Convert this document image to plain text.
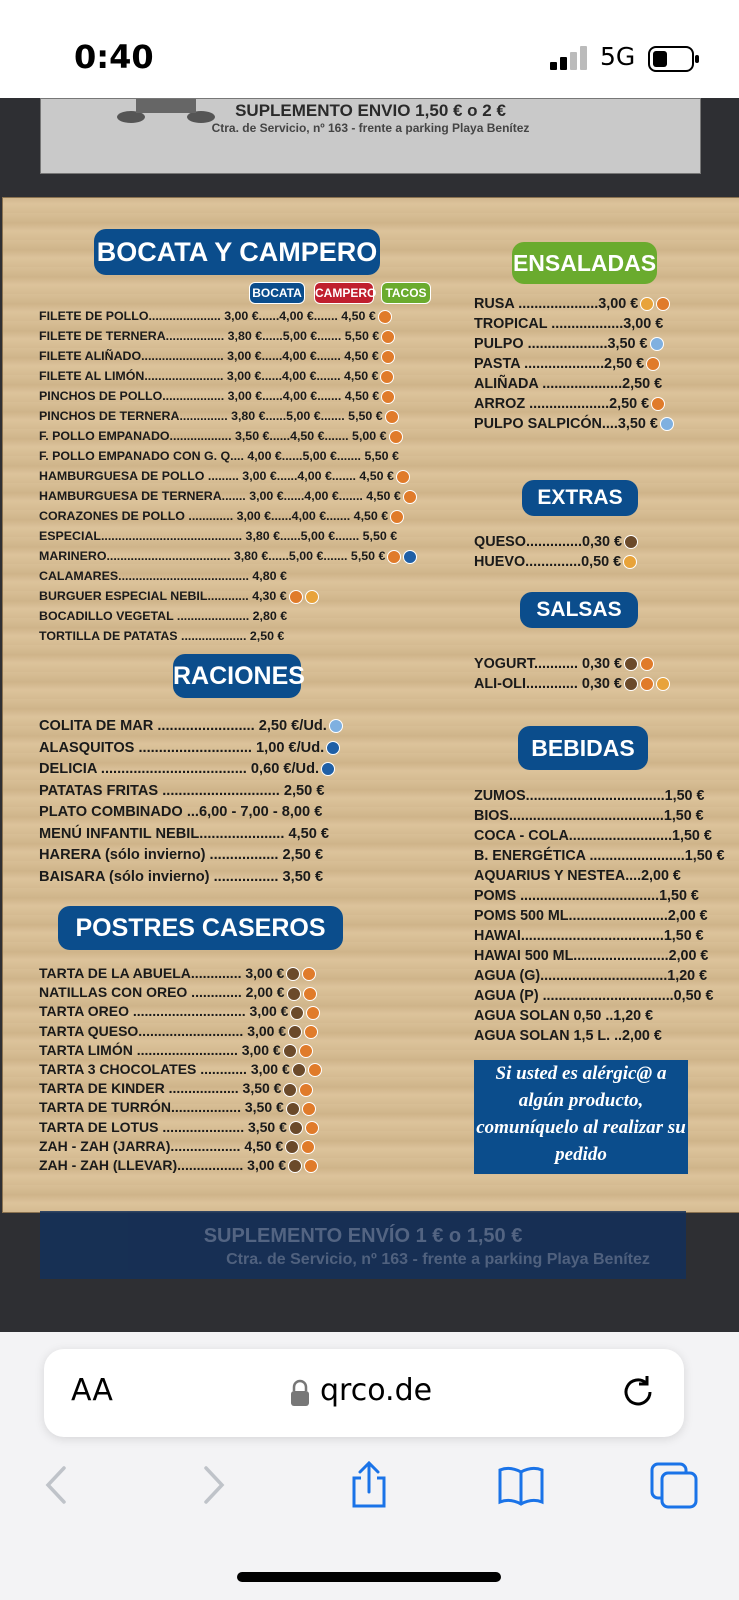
0:40	5G
SUPLEMENTO ENVIO 1,50 € o 2 €
Ctra. de Servicio, nº 163 - frente a parking Playa Benítez
BOCATA Y CAMPERO
BOCATA CAMPERO TACOS
FILETE DE POLLO..................... 3,00 €......4,00 €....... 4,50 €
FILETE DE TERNERA................. 3,80 €......5,00 €....... 5,50 €
FILETE ALIÑADO........................ 3,00 €......4,00 €....... 4,50 €
FILETE AL LIMÓN....................... 3,00 €......4,00 €....... 4,50 €
PINCHOS DE POLLO.................. 3,00 €......4,00 €....... 4,50 €
PINCHOS DE TERNERA.............. 3,80 €......5,00 €....... 5,50 €
F. POLLO EMPANADO.................. 3,50 €......4,50 €....... 5,00 €
F. POLLO EMPANADO CON G. Q.... 4,00 €......5,00 €....... 5,50 €
HAMBURGUESA DE POLLO ......... 3,00 €......4,00 €....... 4,50 €
HAMBURGUESA DE TERNERA....... 3,00 €......4,00 €....... 4,50 €
CORAZONES DE POLLO ............. 3,00 €......4,00 €....... 4,50 €
ESPECIAL......................................... 3,80 €......5,00 €....... 5,50 €
MARINERO.................................... 3,80 €......5,00 €....... 5,50 €
CALAMARES...................................... 4,80 €
BURGUER ESPECIAL NEBIL............ 4,30 €
BOCADILLO VEGETAL ..................... 2,80 €
TORTILLA DE PATATAS ................... 2,50 €
RACIONES
COLITA DE MAR ........................ 2,50 €/Ud.
ALASQUITOS ............................ 1,00 €/Ud.
DELICIA .................................... 0,60 €/Ud.
PATATAS FRITAS ............................. 2,50 €
PLATO COMBINADO ...6,00 - 7,00 - 8,00 €
MENÚ INFANTIL NEBIL..................... 4,50 €
HARERA (sólo invierno) ................. 2,50 €
BAISARA (sólo invierno) ................ 3,50 €
POSTRES CASEROS
TARTA DE LA ABUELA............. 3,00 €
NATILLAS CON OREO ............. 2,00 €
TARTA OREO ............................. 3,00 €
TARTA QUESO........................... 3,00 €
TARTA LIMÓN .......................... 3,00 €
TARTA 3 CHOCOLATES ............ 3,00 €
TARTA DE KINDER .................. 3,50 €
TARTA DE TURRÓN.................. 3,50 €
TARTA DE LOTUS ..................... 3,50 €
ZAH - ZAH (JARRA).................. 4,50 €
ZAH - ZAH (LLEVAR)................. 3,00 €
ENSALADAS
RUSA ....................3,00 €
TROPICAL ..................3,00 €
PULPO ....................3,50 €
PASTA ....................2,50 €
ALIÑADA ....................2,50 €
ARROZ ....................2,50 €
PULPO SALPICÓN....3,50 €
EXTRAS
QUESO..............0,30 €
HUEVO..............0,50 €
SALSAS
YOGURT........... 0,30 €
ALI-OLI............. 0,30 €
BEBIDAS
ZUMOS...................................1,50 €
BIOS.......................................1,50 €
COCA - COLA..........................1,50 €
B. ENERGÉTICA ........................1,50 €
AQUARIUS Y NESTEA....2,00 €
POMS ...................................1,50 €
POMS 500 ML.........................2,00 €
HAWAI....................................1,50 €
HAWAI 500 ML........................2,00 €
AGUA (G)................................1,20 €
AGUA (P) .................................0,50 €
AGUA SOLAN 0,50 ..1,20 €
AGUA SOLAN 1,5 L. ..2,00 €
Si usted es alérgic@ a algún producto, comuníquelo al realizar su pedido
SUPLEMENTO ENVÍO 1 € o 1,50 €
Ctra. de Servicio, nº 163 - frente a parking Playa Benítez
AA	qrco.de
